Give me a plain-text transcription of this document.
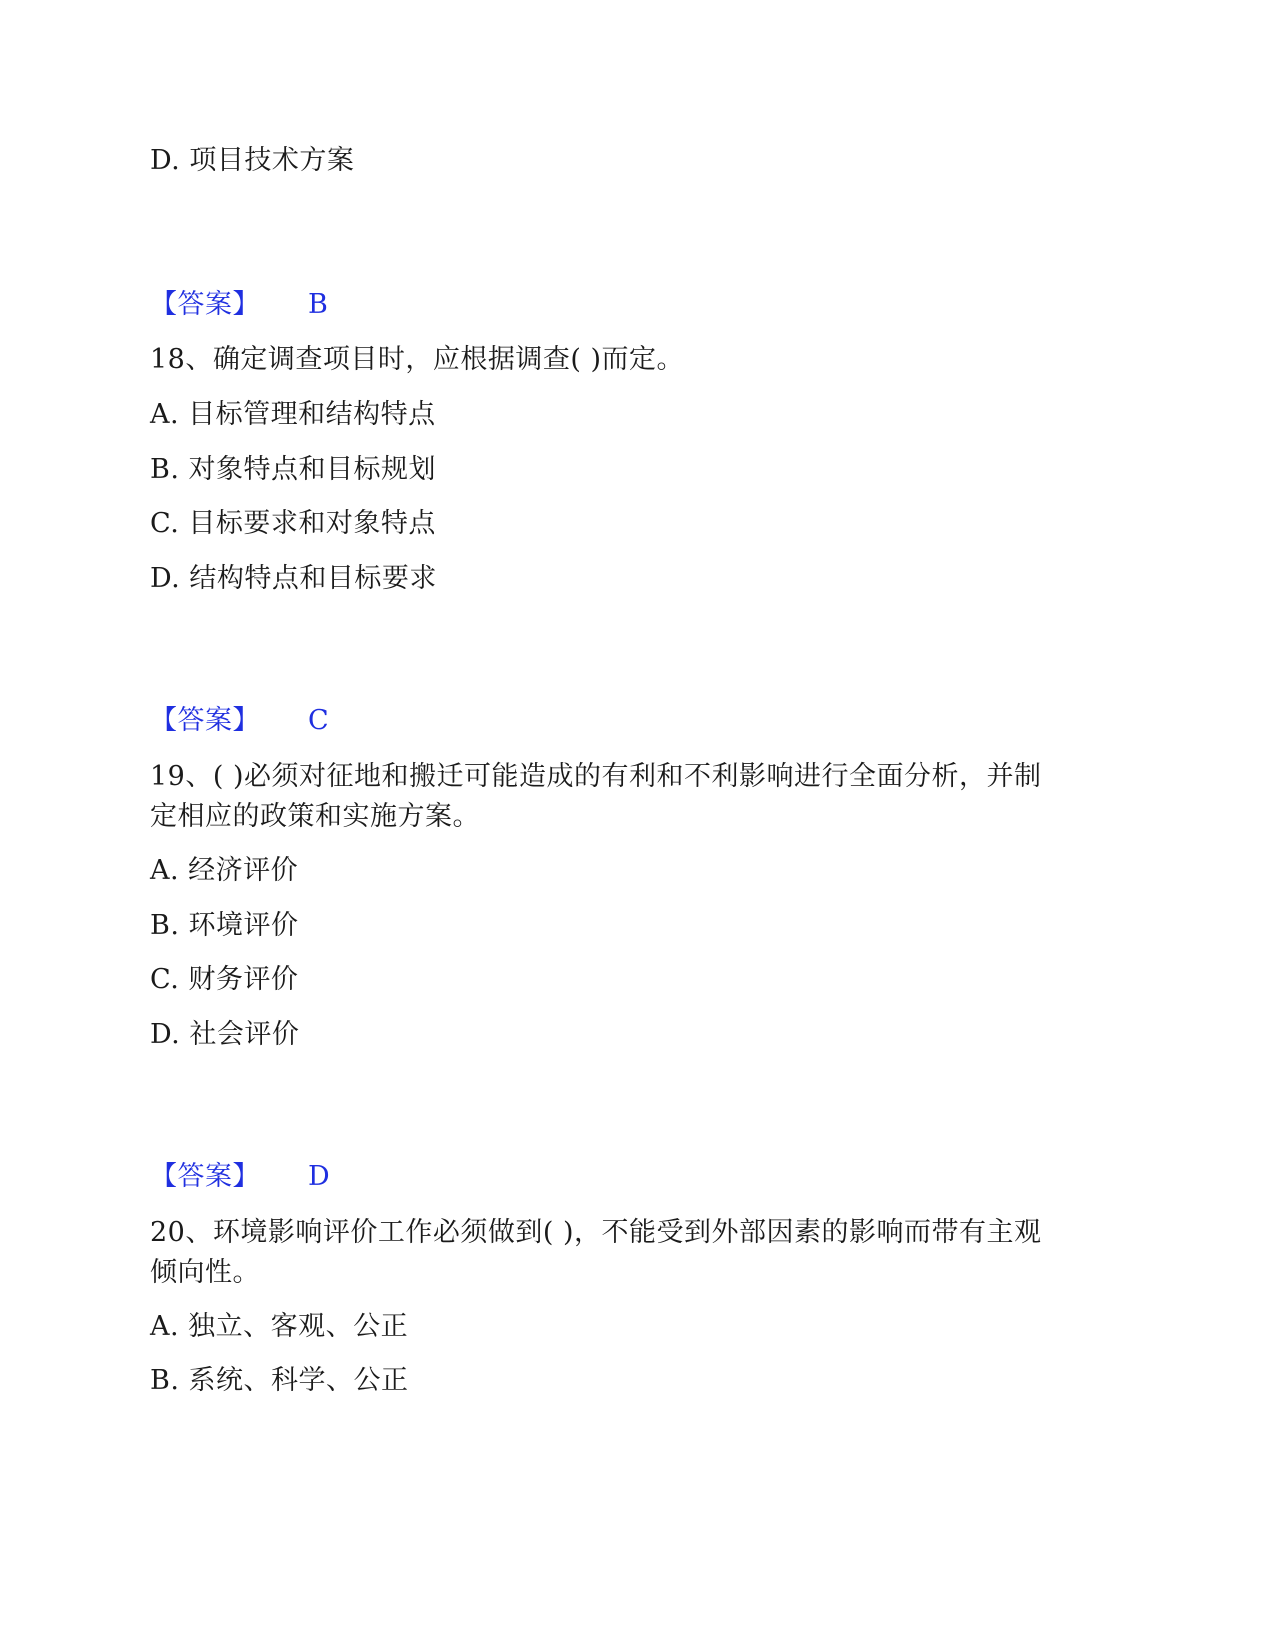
D. 项目技术方案
【答案】 B
18、确定调查项目时，应根据调查( )而定。
A. 目标管理和结构特点
B. 对象特点和目标规划
C. 目标要求和对象特点
D. 结构特点和目标要求
【答案】 C
19、( )必须对征地和搬迁可能造成的有利和不利影响进行全面分析，并制
定相应的政策和实施方案。
A. 经济评价
B. 环境评价
C. 财务评价
D. 社会评价
【答案】 D
20、环境影响评价工作必须做到( )，不能受到外部因素的影响而带有主观
倾向性。
A. 独立、客观、公正
B. 系统、科学、公正
